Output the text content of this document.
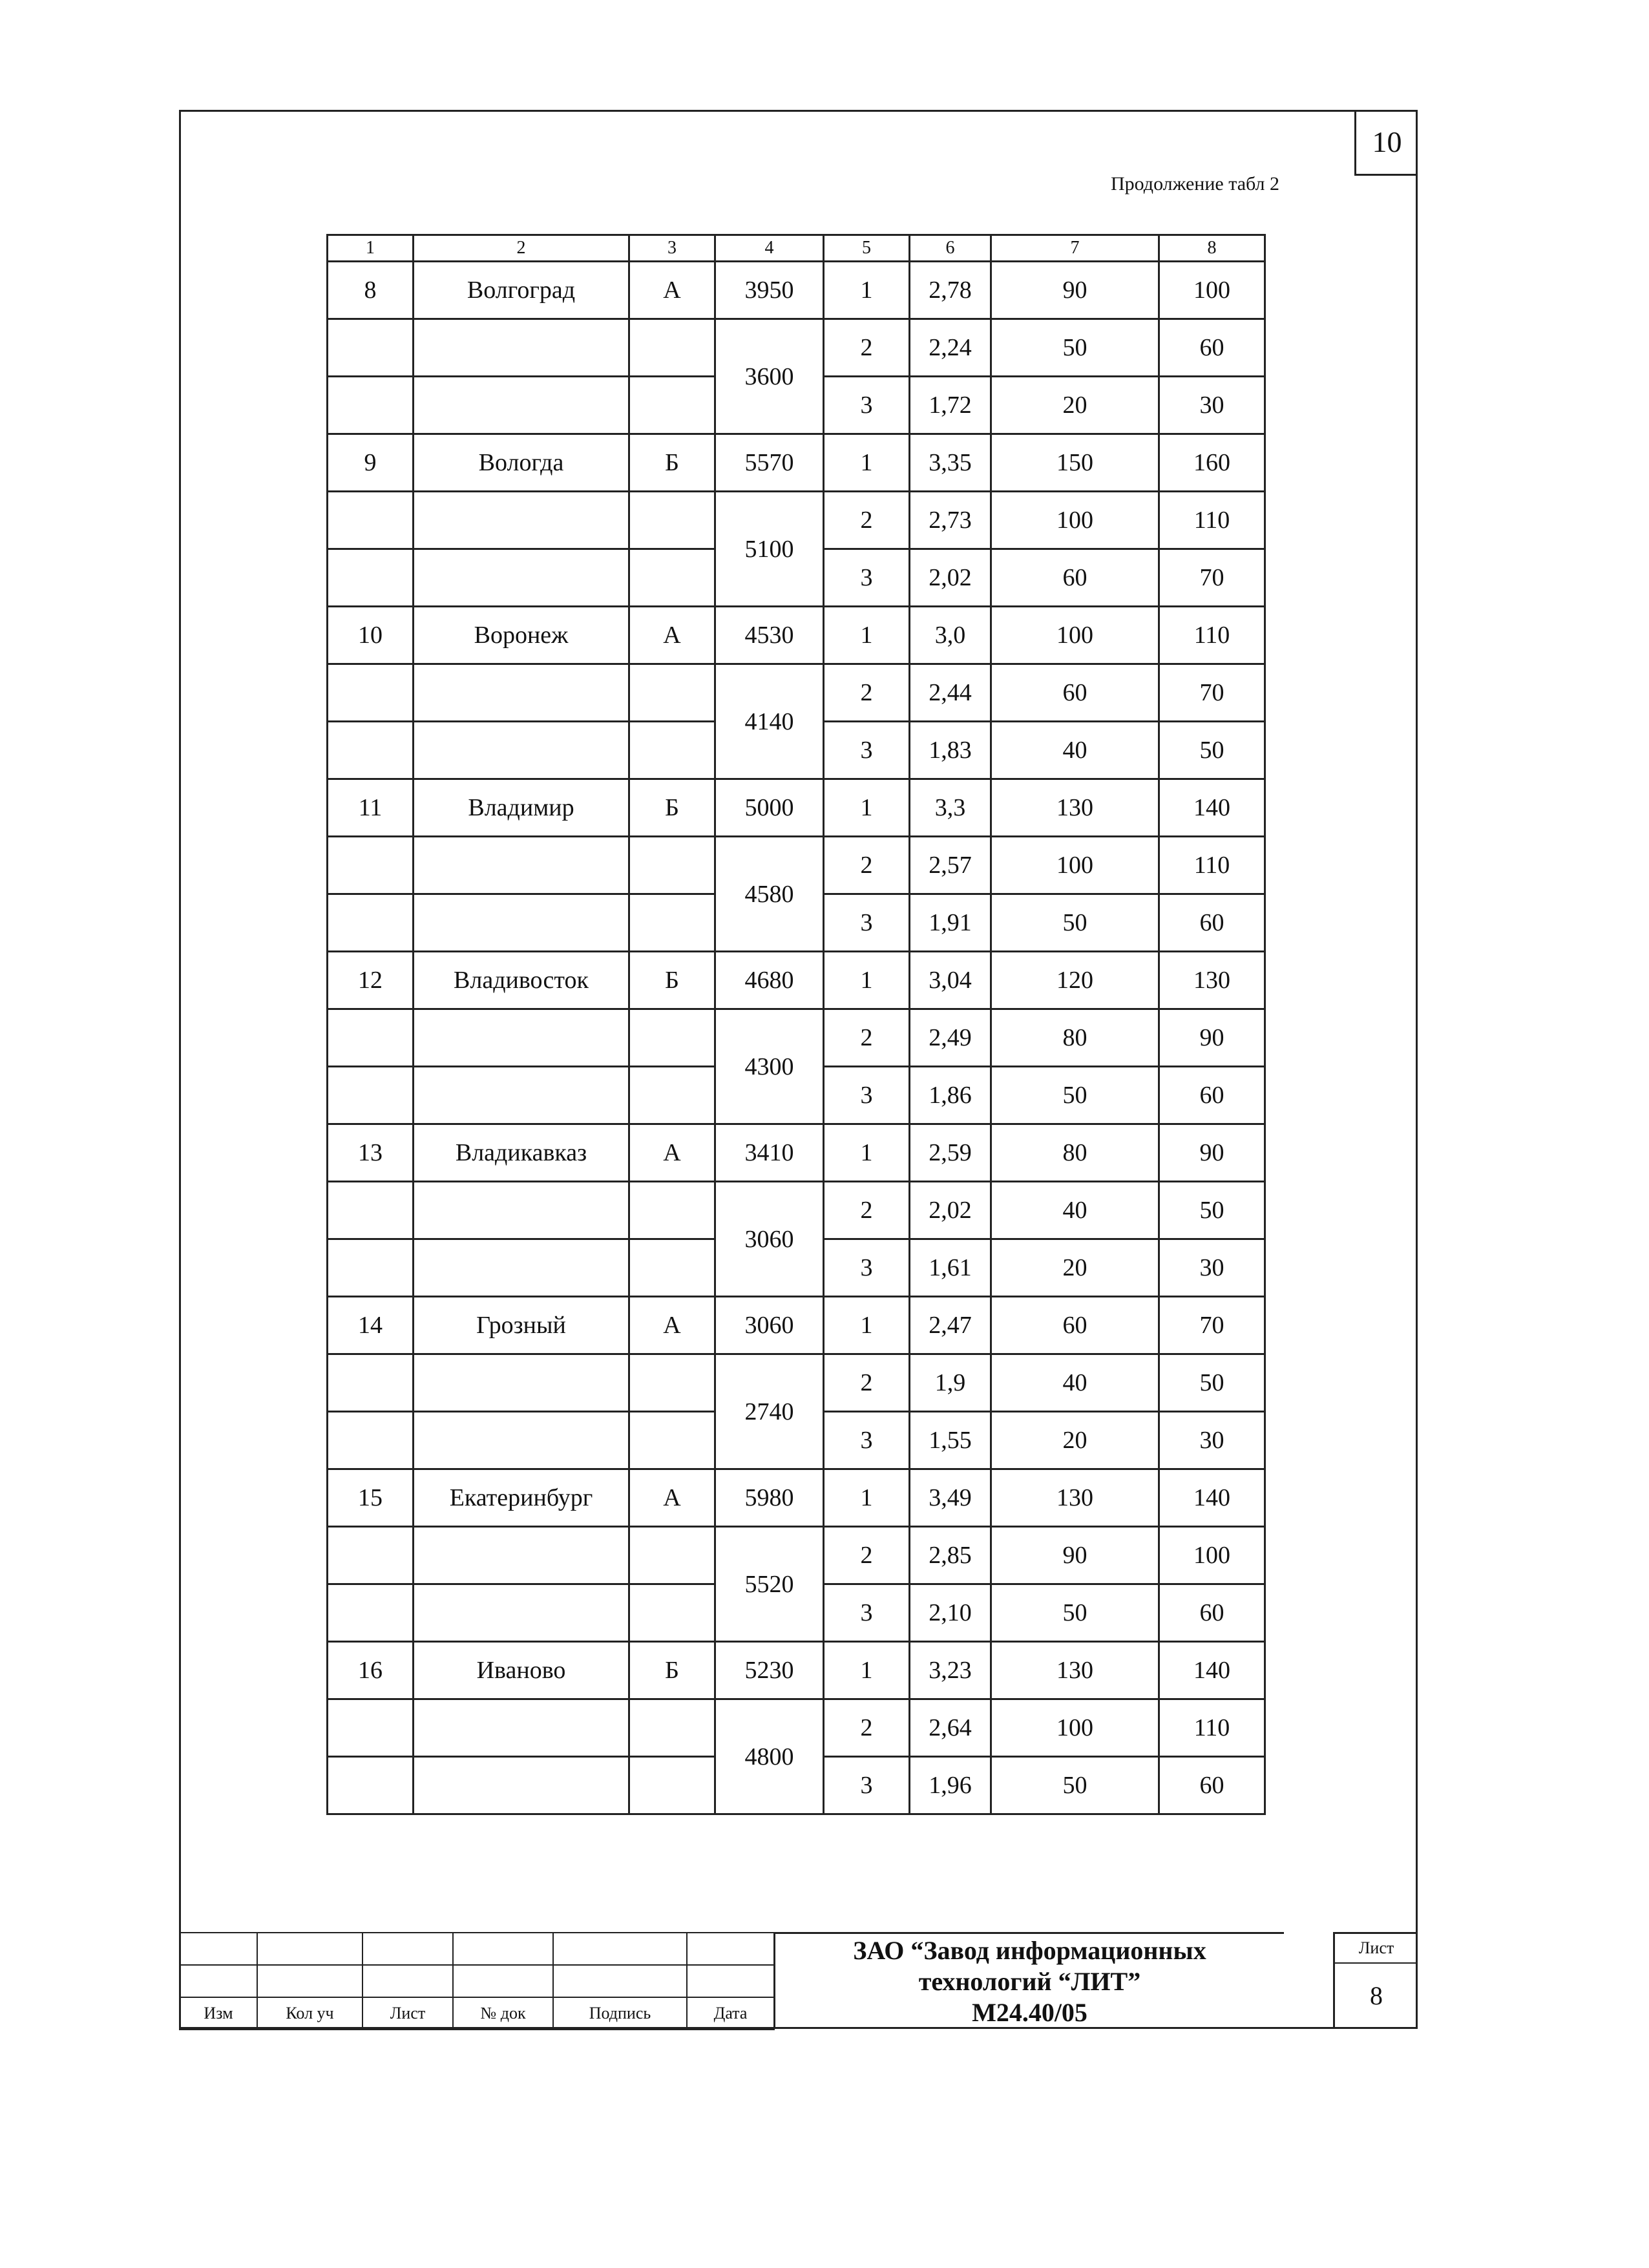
10
Продолжение табл 2
1	2	3	4	5	6	7	8
8	Волгоград	А	3950	1	2,78	90	100
			3600	2	2,24	50	60
				3	1,72	20	30
9	Вологда	Б	5570	1	3,35	150	160
			5100	2	2,73	100	110
				3	2,02	60	70
10	Воронеж	А	4530	1	3,0	100	110
			4140	2	2,44	60	70
				3	1,83	40	50
11	Владимир	Б	5000	1	3,3	130	140
			4580	2	2,57	100	110
				3	1,91	50	60
12	Владивосток	Б	4680	1	3,04	120	130
			4300	2	2,49	80	90
				3	1,86	50	60
13	Владикавказ	А	3410	1	2,59	80	90
			3060	2	2,02	40	50
				3	1,61	20	30
14	Грозный	А	3060	1	2,47	60	70
			2740	2	1,9	40	50
				3	1,55	20	30
15	Екатеринбург	А	5980	1	3,49	130	140
			5520	2	2,85	90	100
				3	2,10	50	60
16	Иваново	Б	5230	1	3,23	130	140
			4800	2	2,64	100	110
				3	1,96	50	60

Изм	Кол уч	Лист	№ док	Подпись	Дата
ЗАО “Завод информационных
технологий “ЛИТ”
М24.40/05
Лист
8
